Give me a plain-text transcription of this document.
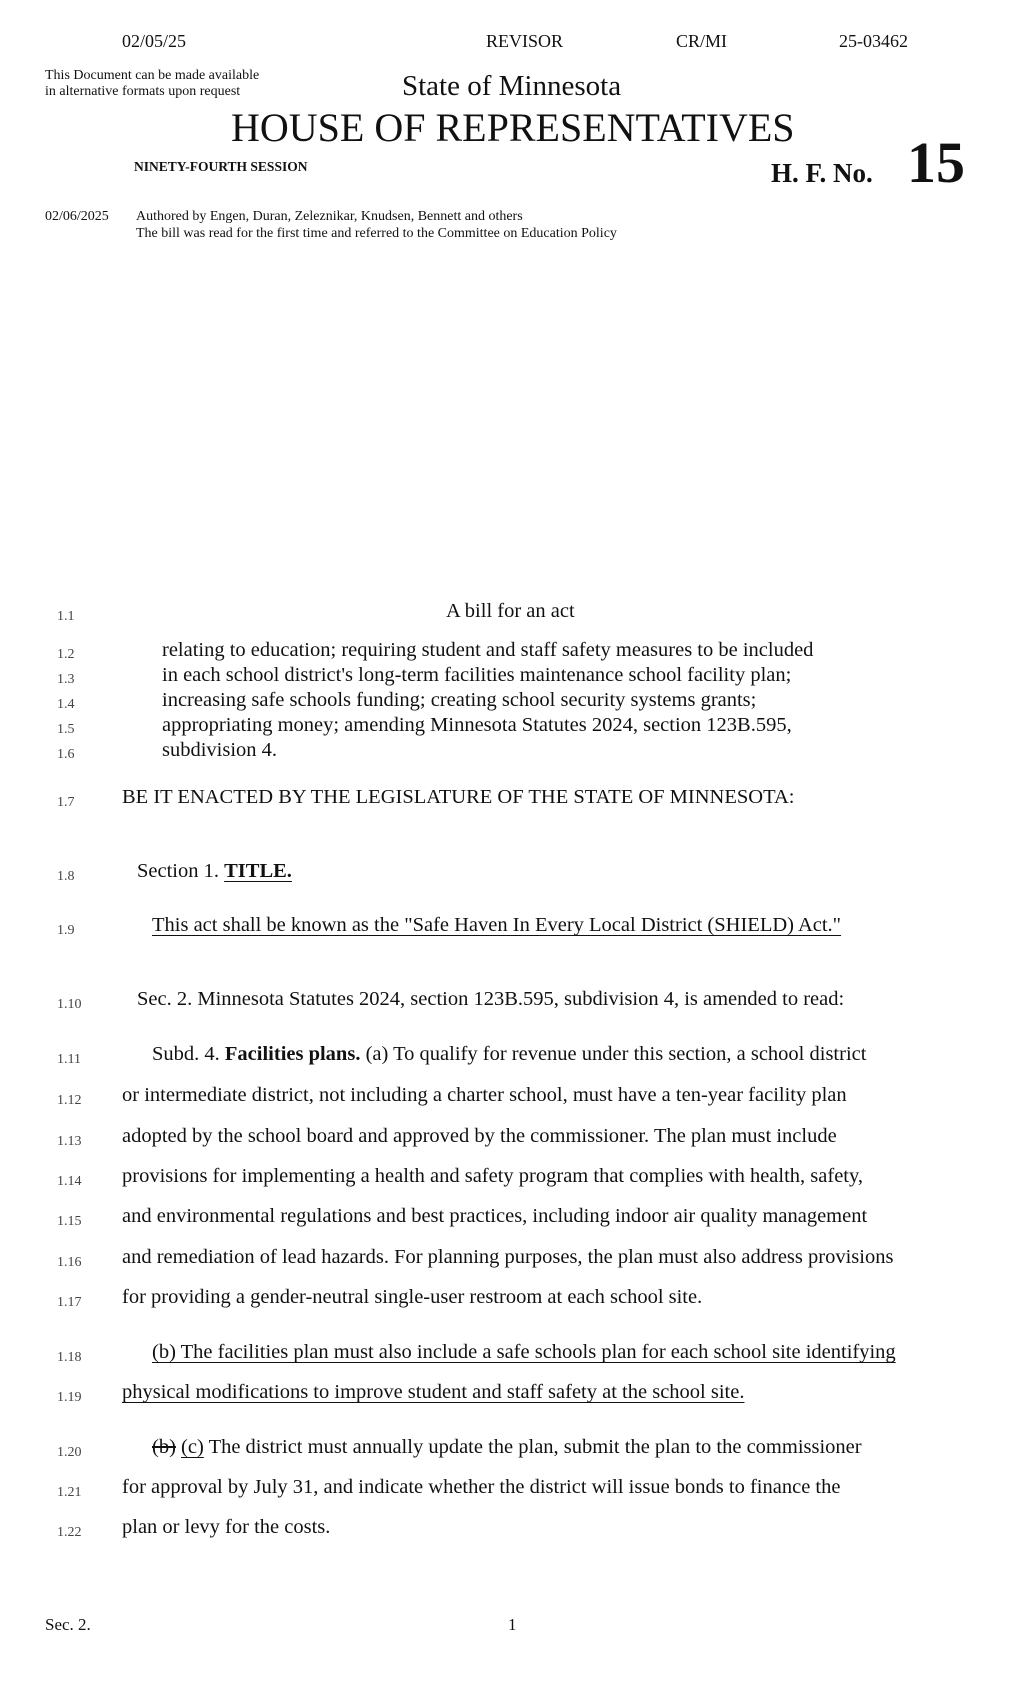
02/05/25	REVISOR	CR/MI	25-03462
This Document can be made available
in alternative formats upon request	State of Minnesota
HOUSE OF REPRESENTATIVES
NINETY-FOURTH SESSION	H. F. No. 15
02/06/2025 Authored by Engen, Duran, Zeleznikar, Knudsen, Bennett and others
The bill was read for the first time and referred to the Committee on Education Policy
1.1
1.2
1.3
1.4
1.5
1.6
1.7
1.8
1.9
1.10
1.11
1.12
1.13
1.14
1.15
1.16
1.17
1.18
1.19
1.20
1.21
1.22
A bill for an act
relating to education; requiring student and staff safety measures to be included
in each school district's long-term facilities maintenance school facility plan;
increasing safe schools funding; creating school security systems grants;
appropriating money; amending Minnesota Statutes 2024, section 123B.595,
subdivision 4.
BE IT ENACTED BY THE LEGISLATURE OF THE STATE OF MINNESOTA:
Section 1. TITLE.
This act shall be known as the "Safe Haven In Every Local District (SHIELD) Act."
Sec. 2. Minnesota Statutes 2024, section 123B.595, subdivision 4, is amended to read:
Subd. 4. Facilities plans. (a) To qualify for revenue under this section, a school district
or intermediate district, not including a charter school, must have a ten-year facility plan
adopted by the school board and approved by the commissioner. The plan must include
provisions for implementing a health and safety program that complies with health, safety,
and environmental regulations and best practices, including indoor air quality management
and remediation of lead hazards. For planning purposes, the plan must also address provisions
for providing a gender-neutral single-user restroom at each school site.
(b) The facilities plan must also include a safe schools plan for each school site identifying
physical modifications to improve student and staff safety at the school site.
(b) (c) The district must annually update the plan, submit the plan to the commissioner
for approval by July 31, and indicate whether the district will issue bonds to finance the
plan or levy for the costs.
Sec. 2.	1
